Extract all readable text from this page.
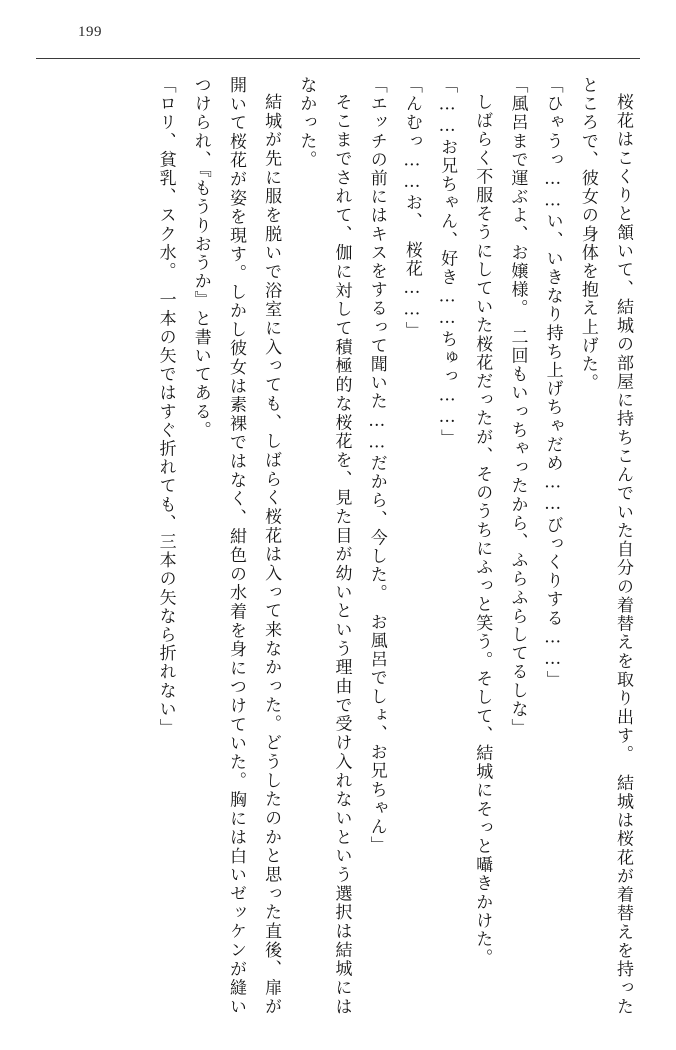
199

桜花はこくりと頷いて、結城の部屋に持ちこんでいた自分の着替えを取り出す。　結城は桜花が着替えを持ったところで、彼女の身体を抱え上げた。

「ひゃうっ……い、いきなり持ち上げちゃだめ……びっくりする……」

「風呂まで運ぶよ、お嬢様。　二回もいっちゃったから、ふらふらしてるしな」

しばらく不服そうにしていた桜花だったが、そのうちにふっと笑う。そして、結城にそっと囁きかけた。

「……お兄ちゃん、好き……ちゅっ……」

「んむっ……お、　桜花……」

「エッチの前にはキスをするって聞いた……だから、今した。　お風呂でしょ、お兄ちゃん」

そこまでされて、伽に対して積極的な桜花を、見た目が幼いという理由で受け入れないという選択は結城にはなかった。

結城が先に服を脱いで浴室に入っても、しばらく桜花は入って来なかった。どうしたのかと思った直後、扉が開いて桜花が姿を現す。しかし彼女は素裸ではなく、紺色の水着を身につけていた。胸には白いゼッケンが縫いつけられ、『もうりおうか』と書いてある。

「ロリ、貧乳、スク水。　一本の矢ではすぐ折れても、三本の矢なら折れない」
